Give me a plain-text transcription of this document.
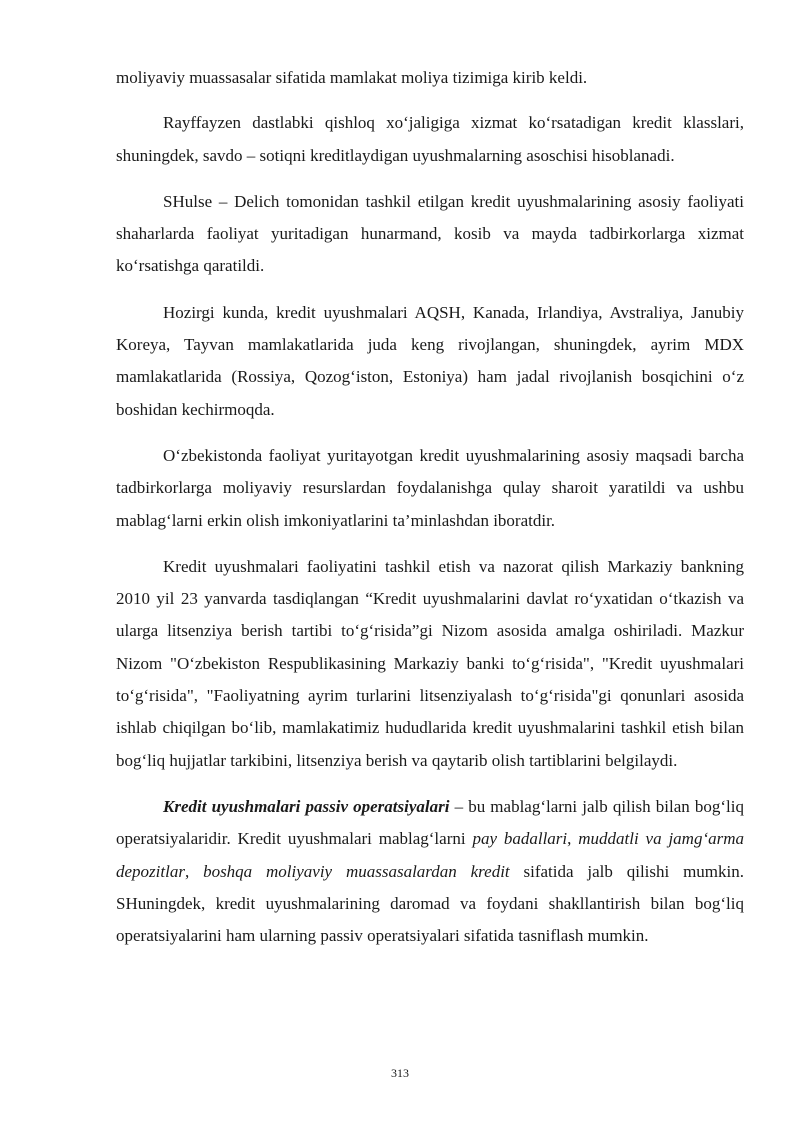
moliyaviy muassasalar sifatida mamlakat moliya tizimiga kirib keldi.

Rayffayzen dastlabki qishloq xo‘jaligiga xizmat ko‘rsatadigan kredit klasslari, shuningdek, savdo – sotiqni kreditlaydigan uyushmalarning asoschisi hisoblanadi.

SHulse – Delich tomonidan tashkil etilgan kredit uyushmalarining asosiy faoliyati shaharlarda faoliyat yuritadigan hunarmand, kosib va mayda tadbirkorlarga xizmat ko‘rsatishga qaratildi.

Hozirgi kunda, kredit uyushmalari AQSH, Kanada, Irlandiya, Avstraliya, Janubiy Koreya, Tayvan mamlakatlarida juda keng rivojlangan, shuningdek, ayrim MDX mamlakatlarida (Rossiya, Qozog‘iston, Estoniya) ham jadal rivojlanish bosqichini o‘z boshidan kechirmoqda.

O‘zbekistonda faoliyat yuritayotgan kredit uyushmalarining asosiy maqsadi barcha tadbirkorlarga moliyaviy resurslardan foydalanishga qulay sharoit yaratildi va ushbu mablag‘larni erkin olish imkoniyatlarini ta’minlashdan iboratdir.

Kredit uyushmalari faoliyatini tashkil etish va nazorat qilish Markaziy bankning 2010 yil 23 yanvarda tasdiqlangan “Kredit uyushmalarini davlat ro‘yxatidan o‘tkazish va ularga litsenziya berish tartibi to‘g‘risida”gi Nizom asosida amalga oshiriladi. Mazkur Nizom "O‘zbekiston Respublikasining Markaziy banki to‘g‘risida", "Kredit uyushmalari to‘g‘risida", "Faoliyatning ayrim turlarini litsenziyalash to‘g‘risida"gi qonunlari asosida ishlab chiqilgan bo‘lib, mamlakatimiz hududlarida kredit uyushmalarini tashkil etish bilan bog‘liq hujjatlar tarkibini, litsenziya berish va qaytarib olish tartiblarini belgilaydi.

Kredit uyushmalari passiv operatsiyalari – bu mablag‘larni jalb qilish bilan bog‘liq operatsiyalaridir. Kredit uyushmalari mablag‘larni pay badallari, muddatli va jamg‘arma depozitlar, boshqa moliyaviy muassasalardan kredit sifatida jalb qilishi mumkin. SHuningdek, kredit uyushmalarining daromad va foydani shakllantirish bilan bog‘liq operatsiyalarini ham ularning passiv operatsiyalari sifatida tasniflash mumkin.

313
